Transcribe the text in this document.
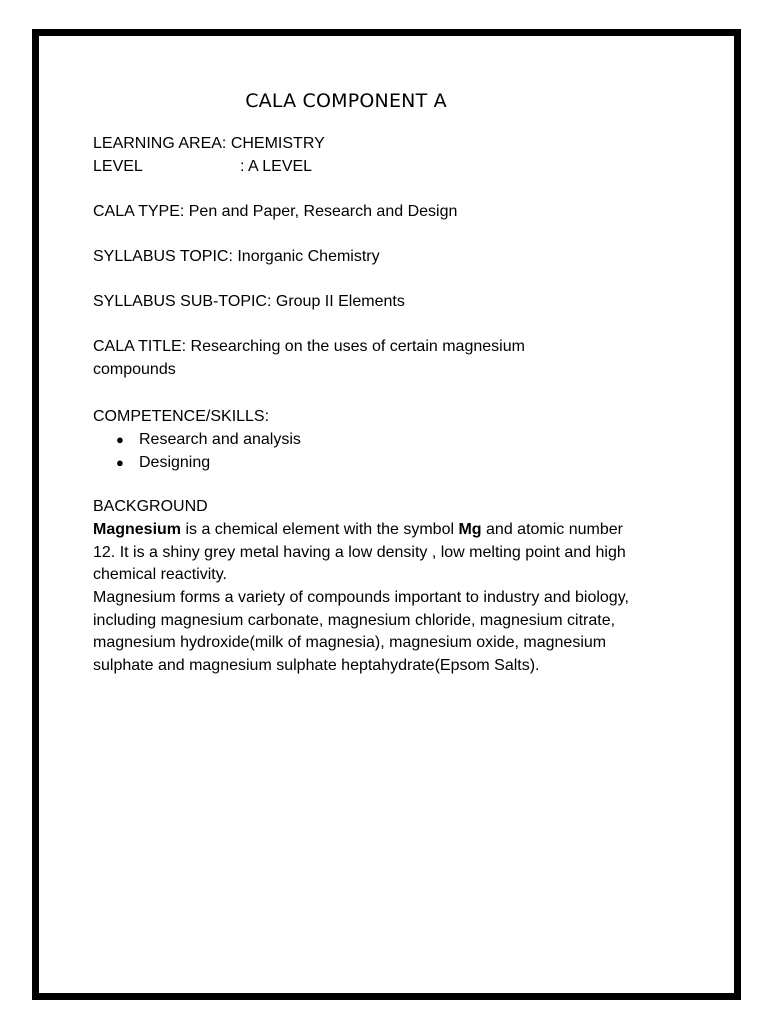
CALA COMPONENT A
LEARNING AREA: CHEMISTRY
LEVEL	: A LEVEL
CALA TYPE: Pen and Paper, Research and Design
SYLLABUS TOPIC: Inorganic Chemistry
SYLLABUS SUB-TOPIC: Group II Elements
CALA TITLE: Researching on the uses of certain magnesium compounds
COMPETENCE/SKILLS:
● Research and analysis
● Designing
BACKGROUND
Magnesium is a chemical element with the symbol Mg and atomic number 12. It is a shiny grey metal having a low density , low melting point and high chemical reactivity.
Magnesium forms a variety of compounds important to industry and biology, including magnesium carbonate, magnesium chloride, magnesium citrate, magnesium hydroxide(milk of magnesia), magnesium oxide, magnesium sulphate and magnesium sulphate heptahydrate(Epsom Salts).
